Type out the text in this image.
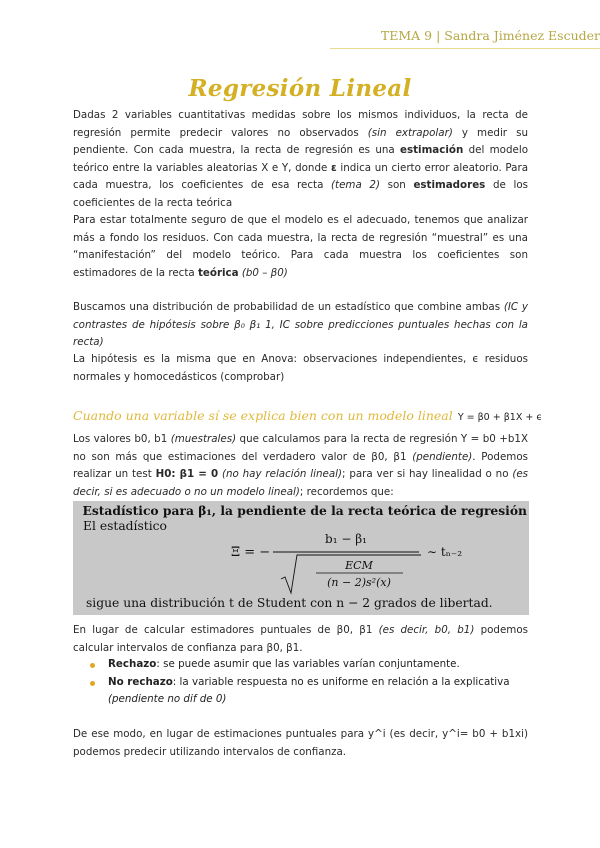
TEMA 9 | Sandra Jiménez Escuder
Regresión Lineal

Dadas 2 variables cuantitativas medidas sobre los mismos individuos, la recta de regresión permite predecir valores no observados (sin extrapolar) y medir su pendiente. Con cada muestra, la recta de regresión es una estimación del modelo teórico entre la variables aleatorias X e Y, donde ε indica un cierto error aleatorio. Para cada muestra, los coeficientes de esa recta (tema 2) son estimadores de los coeficientes de la recta teórica

Para estar totalmente seguro de que el modelo es el adecuado, tenemos que analizar más a fondo los residuos. Con cada muestra, la recta de regresión “muestral” es una “manifestación” del modelo teórico. Para cada muestra los coeficientes son estimadores de la recta teórica (b0 – β0)

Buscamos una distribución de probabilidad de un estadístico que combine ambas (IC y contrastes de hipótesis sobre β₀ β₁ 1, IC sobre predicciones puntuales hechas con la recta)

La hipótesis es la misma que en Anova: observaciones independientes, ϵ residuos normales y homocedásticos (comprobar)

Cuando una variable sí se explica bien con un modelo lineal Y = β0 + β1X + ϵ

Los valores b0, b1 (muestrales) que calculamos para la recta de regresión Y = b0 +b1X no son más que estimaciones del verdadero valor de β0, β1 (pendiente). Podemos realizar un test H0: β1 = 0 (no hay relación lineal); para ver si hay linealidad o no (es decir, si es adecuado o no un modelo lineal); recordemos que:

Estadístico para β₁, la pendiente de la recta teórica de regresión
El estadístico
Ξ = −
b₁ − β₁
ECM
(n − 2)s²(x)
∼ tₙ₋₂
sigue una distribución t de Student con n − 2 grados de libertad.

En lugar de calcular estimadores puntuales de β0, β1 (es decir, b0, b1) podemos calcular intervalos de confianza para β0, β1.

Rechazo: se puede asumir que las variables varían conjuntamente.
No rechazo: la variable respuesta no es uniforme en relación a la explicativa
(pendiente no dif de 0)

De ese modo, en lugar de estimaciones puntuales para y^i (es decir, y^i= b0 + b1xi) podemos predecir utilizando intervalos de confianza.
